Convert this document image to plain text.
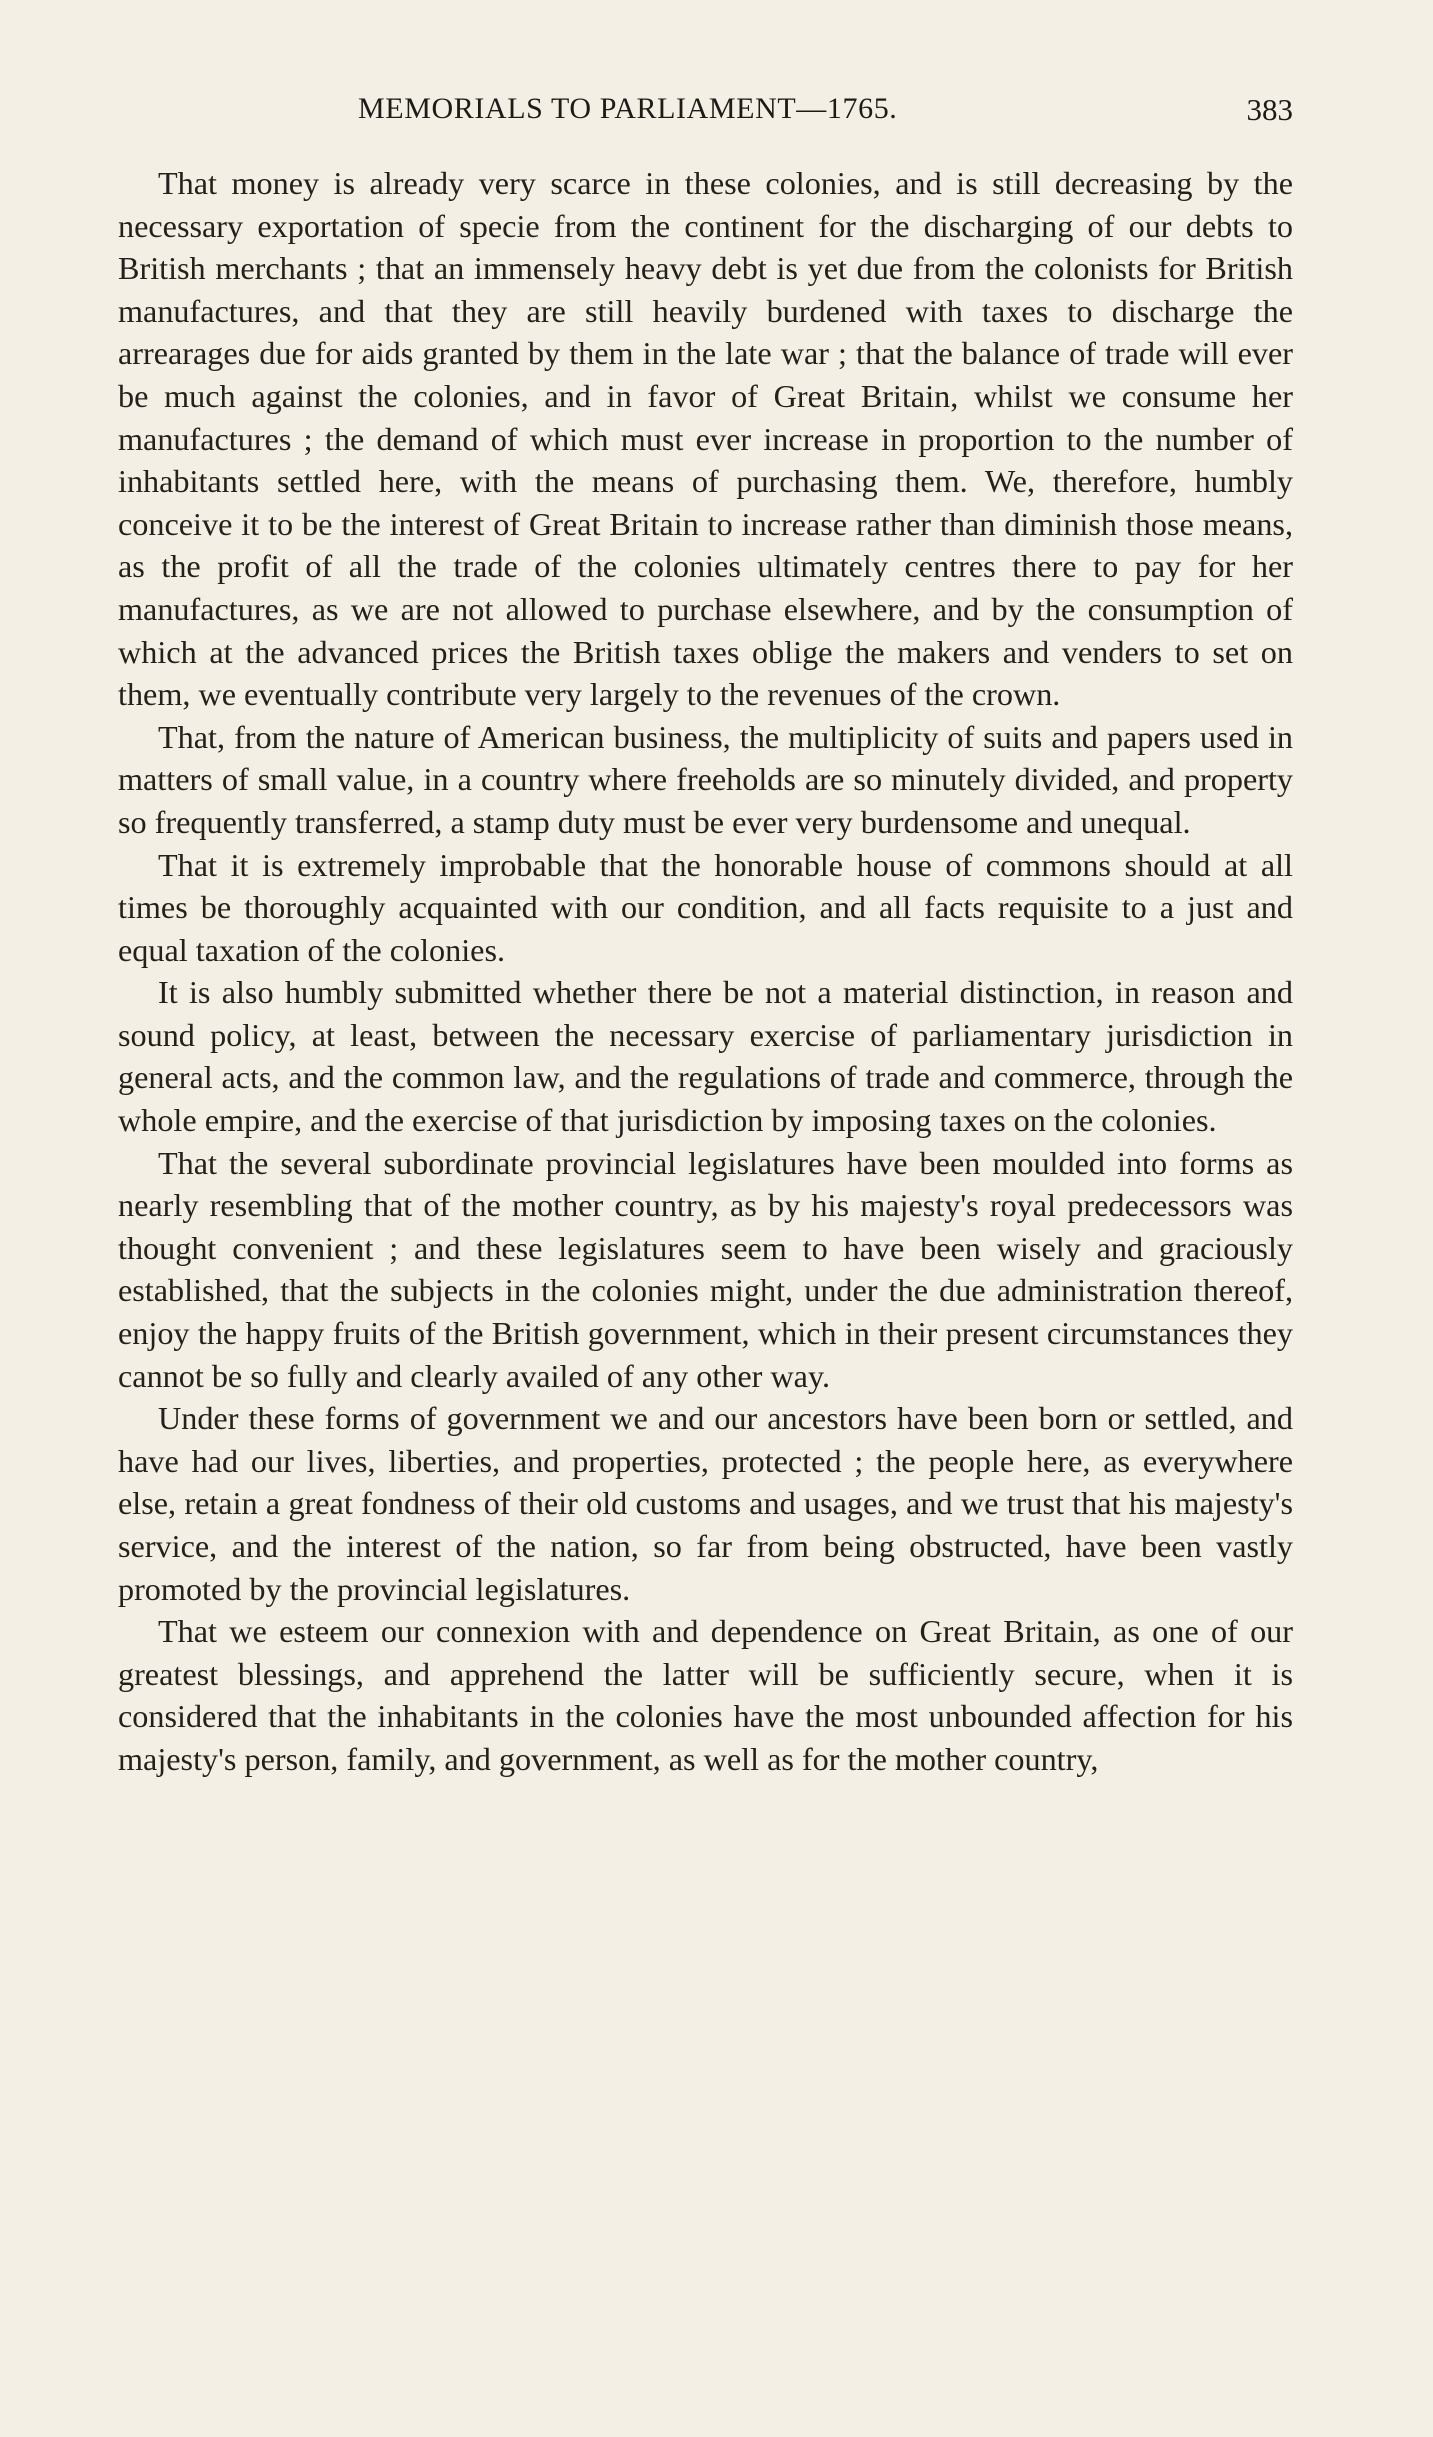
MEMORIALS TO PARLIAMENT—1765.	383

That money is already very scarce in these colonies, and is still decreasing by the necessary exportation of specie from the continent for the discharging of our debts to British merchants ; that an immensely heavy debt is yet due from the colonists for British manufactures, and that they are still heavily burdened with taxes to discharge the arrearages due for aids granted by them in the late war ; that the balance of trade will ever be much against the colonies, and in favor of Great Britain, whilst we consume her manufactures ; the demand of which must ever increase in proportion to the number of inhabitants settled here, with the means of purchasing them. We, therefore, humbly conceive it to be the interest of Great Britain to increase rather than diminish those means, as the profit of all the trade of the colonies ultimately centres there to pay for her manufactures, as we are not allowed to purchase elsewhere, and by the consumption of which at the advanced prices the British taxes oblige the makers and venders to set on them, we eventually contribute very largely to the revenues of the crown.

That, from the nature of American business, the multiplicity of suits and papers used in matters of small value, in a country where freeholds are so minutely divided, and property so frequently transferred, a stamp duty must be ever very burdensome and unequal.

That it is extremely improbable that the honorable house of commons should at all times be thoroughly acquainted with our condition, and all facts requisite to a just and equal taxation of the colonies.

It is also humbly submitted whether there be not a material distinction, in reason and sound policy, at least, between the necessary exercise of parliamentary jurisdiction in general acts, and the common law, and the regulations of trade and commerce, through the whole empire, and the exercise of that jurisdiction by imposing taxes on the colonies.

That the several subordinate provincial legislatures have been moulded into forms as nearly resembling that of the mother country, as by his majesty's royal predecessors was thought convenient ; and these legislatures seem to have been wisely and graciously established, that the subjects in the colonies might, under the due administration thereof, enjoy the happy fruits of the British government, which in their present circumstances they cannot be so fully and clearly availed of any other way.

Under these forms of government we and our ancestors have been born or settled, and have had our lives, liberties, and properties, protected ; the people here, as everywhere else, retain a great fondness of their old customs and usages, and we trust that his majesty's service, and the interest of the nation, so far from being obstructed, have been vastly promoted by the provincial legislatures.

That we esteem our connexion with and dependence on Great Britain, as one of our greatest blessings, and apprehend the latter will be sufficiently secure, when it is considered that the inhabitants in the colonies have the most unbounded affection for his majesty's person, family, and government, as well as for the mother country,
